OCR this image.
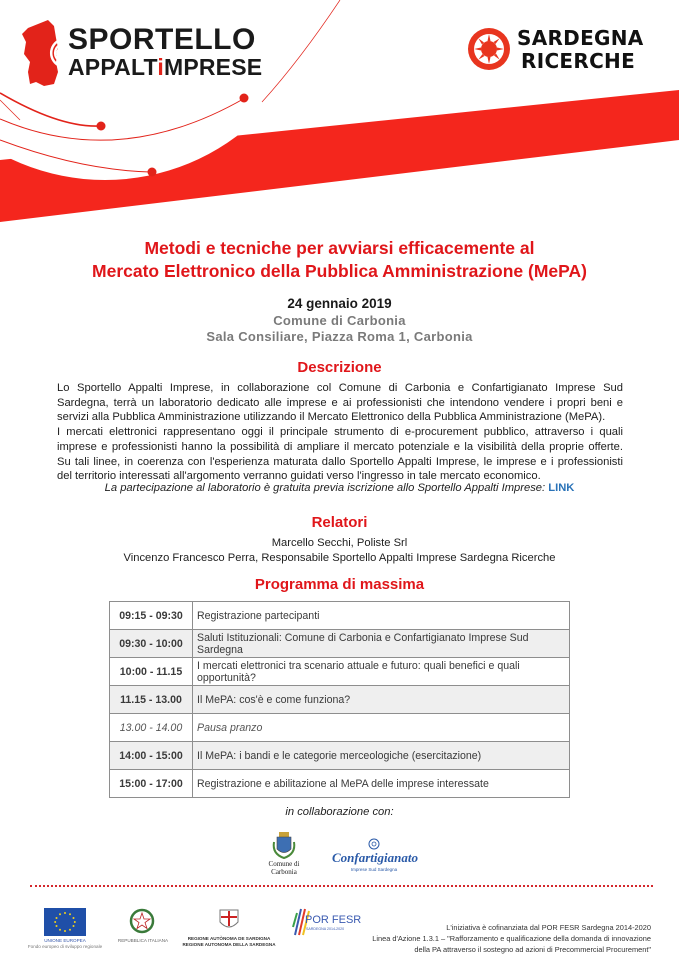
SPORTELLO
APPALTiMPRESE
SARDEGNA
RICERCHE
Metodi e tecniche per avviarsi efficacemente al
Mercato Elettronico della Pubblica Amministrazione (MePA)
24 gennaio 2019
Comune di Carbonia
Sala Consiliare, Piazza Roma 1, Carbonia
Descrizione

Lo Sportello Appalti Imprese, in collaborazione col Comune di Carbonia e Confartigianato Imprese Sud

Sardegna, terrà un laboratorio dedicato alle imprese e ai professionisti che intendono vendere i propri beni e

servizi alla Pubblica Amministrazione utilizzando il Mercato Elettronico della Pubblica Amministrazione (MePA).

I mercati elettronici rappresentano oggi il principale strumento di e-procurement pubblico, attraverso i quali

imprese e professionisti hanno la possibilità di ampliare il mercato potenziale e la visibilità della proprie offerte.

Su tali linee, in coerenza con l'esperienza maturata dallo Sportello Appalti Imprese, le imprese e i professionisti

del territorio interessati all'argomento verranno guidati verso l'ingresso in tale mercato economico.

La partecipazione al laboratorio è gratuita previa iscrizione allo Sportello Appalti Imprese: LINK
Relatori
Marcello Secchi, Poliste Srl
Vincenzo Francesco Perra, Responsabile Sportello Appalti Imprese Sardegna Ricerche
Programma di massima
09:15 - 09:30	Registrazione partecipanti
09:30 - 10:00	Saluti Istituzionali: Comune di Carbonia e Confartigianato Imprese Sud Sardegna
10:00 - 11.15	I mercati elettronici tra scenario attuale e futuro: quali benefici e quali opportunità?
11.15 - 13.00	Il MePA: cos'è e come funziona?
13.00 - 14.00	Pausa pranzo
14:00 - 15:00	Il MePA: i bandi e le categorie merceologiche (esercitazione)
15:00 - 17:00	Registrazione e abilitazione al MePA delle imprese interessate
in collaborazione con:
Comune di
Carbonia
Confartigianato
Imprese Sud Sardegna
UNIONE EUROPEA
Fondo europeo di sviluppo regionale
REPUBBLICA ITALIANA	REGIONE AUTÒNOMA DE SARDIGNA
REGIONE AUTONOMA DELLA SARDEGNA
POR FESR
SARDEGNA 2014-2020	L'iniziativa è cofinanziata dal POR FESR Sardegna 2014-2020
Linea d'Azione 1.3.1 – "Rafforzamento e qualificazione della domanda di innovazione
della PA attraverso il sostegno ad azioni di Precommercial Procurement"
